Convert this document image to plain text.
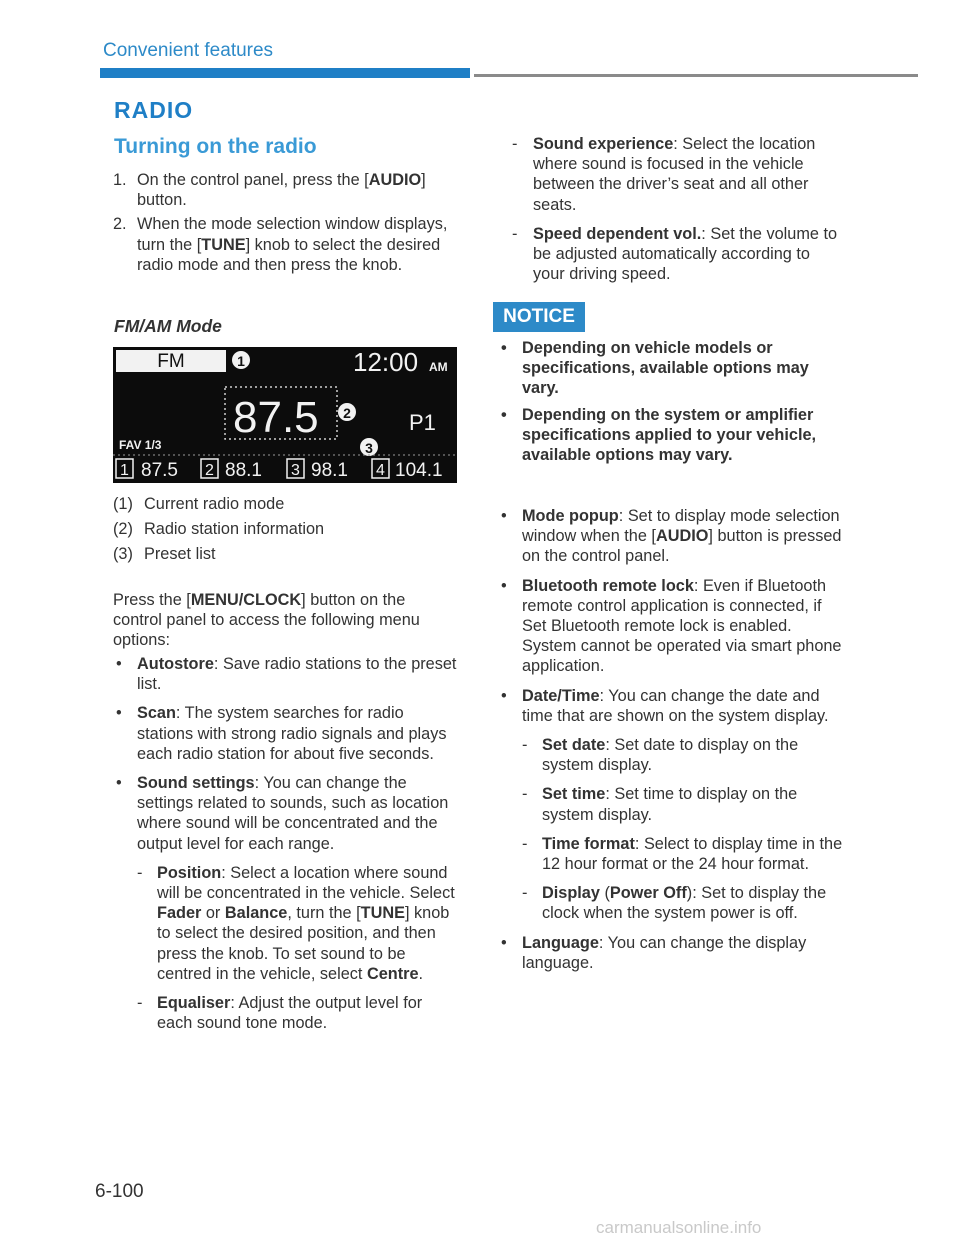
Convenient features
RADIO
Turning on the radio
1. On the control panel, press the [AUDIO] button.
2. When the mode selection window displays, turn the [TUNE] knob to select the desired radio mode and then press the knob.
FM/AM Mode
FM	1	12:00 AM
87.5 2	P1
3
FAV 1/3
1 87.5 2 88.1 3 98.1 4 104.1
(1) Current radio mode
(2) Radio station information
(3) Preset list
Press the [MENU/CLOCK] button on the control panel to access the following menu options:
• Autostore: Save radio stations to the preset list.
• Scan: The system searches for radio stations with strong radio signals and plays each radio station for about five seconds.
• Sound settings: You can change the settings related to sounds, such as location where sound will be concentrated and the output level for each range.
- Position: Select a location where sound will be concentrated in the vehicle. Select Fader or Balance, turn the [TUNE] knob to select the desired position, and then press the knob. To set sound to be centred in the vehicle, select Centre.
- Equaliser: Adjust the output level for each sound tone mode.
- Sound experience: Select the location where sound is focused in the vehicle between the driver’s seat and all other seats.
- Speed dependent vol.: Set the volume to be adjusted automatically according to your driving speed.
NOTICE
• Depending on vehicle models or specifications, available options may vary.
• Depending on the system or amplifier specifications applied to your vehicle, available options may vary.
• Mode popup: Set to display mode selection window when the [AUDIO] button is pressed on the control panel.
• Bluetooth remote lock: Even if Bluetooth remote control application is connected, if Set Bluetooth remote lock is enabled. System cannot be operated via smart phone application.
• Date/Time: You can change the date and time that are shown on the system display.
- Set date: Set date to display on the system display.
- Set time: Set time to display on the system display.
- Time format: Select to display time in the 12 hour format or the 24 hour format.
- Display (Power Off): Set to display the clock when the system power is off.
• Language: You can change the display language.
6-100
carmanualsonline.info
